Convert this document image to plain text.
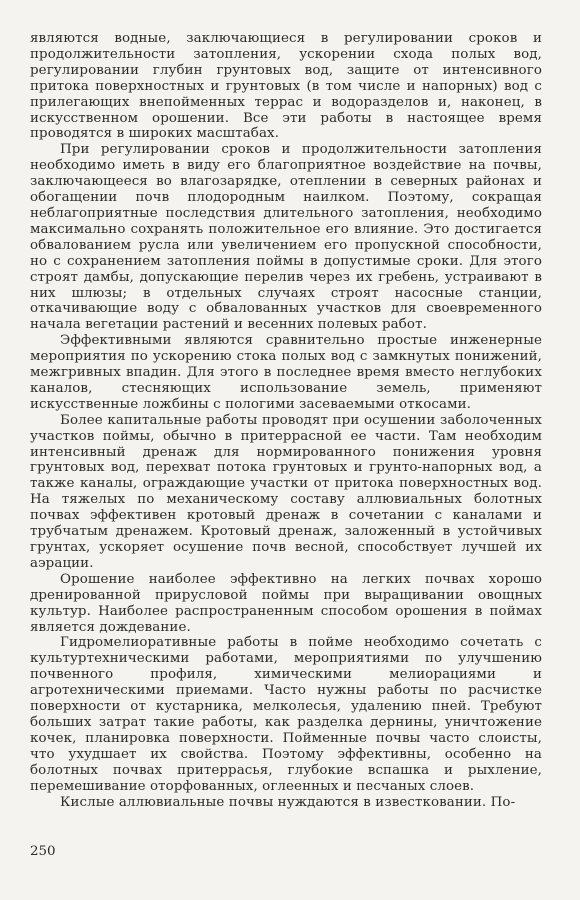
являются водные, заключающиеся в регулировании сроков и продолжительности затопления, ускорении схода полых вод, регулировании глубин грунтовых вод, защите от интенсивного притока поверхностных и грунтовых (в том числе и напорных) вод с прилегающих внепойменных террас и водоразделов и, наконец, в искусственном орошении. Все эти работы в настоящее время проводятся в широких масштабах.

При регулировании сроков и продолжительности затопления необходимо иметь в виду его благоприятное воздействие на почвы, заключающееся во влагозарядке, отеплении в северных районах и обогащении почв плодородным наилком. Поэтому, сокращая неблагоприятные последствия длительного затопления, необходимо максимально сохранять положительное его влияние. Это достигается обвалованием русла или увеличением его пропускной способности, но с сохранением затопления поймы в допустимые сроки. Для этого строят дамбы, допускающие перелив через их гребень, устраивают в них шлюзы; в отдельных случаях строят насосные станции, откачивающие воду с обвалованных участков для своевременного начала вегетации растений и весенних полевых работ.

Эффективными являются сравнительно простые инженерные мероприятия по ускорению стока полых вод с замкнутых понижений, межгривных впадин. Для этого в последнее время вместо неглубоких каналов, стесняющих использование земель, применяют искусственные ложбины с пологими засеваемыми откосами.

Более капитальные работы проводят при осушении заболоченных участков поймы, обычно в притеррасной ее части. Там необходим интенсивный дренаж для нормированного понижения уровня грунтовых вод, перехват потока грунтовых и грунто-напорных вод, а также каналы, ограждающие участки от притока поверхностных вод. На тяжелых по механическому составу аллювиальных болотных почвах эффективен кротовый дренаж в сочетании с каналами и трубчатым дренажем. Кротовый дренаж, заложенный в устойчивых грунтах, ускоряет осушение почв весной, способствует лучшей их аэрации.

Орошение наиболее эффективно на легких почвах хорошо дренированной прирусловой поймы при выращивании овощных культур. Наиболее распространенным способом орошения в поймах является дождевание.

Гидромелиоративные работы в пойме необходимо сочетать с культуртехническими работами, мероприятиями по улучшению почвенного профиля, химическими мелиорациями и агротехническими приемами. Часто нужны работы по расчистке поверхности от кустарника, мелколесья, удалению пней. Требуют больших затрат такие работы, как разделка дернины, уничтожение кочек, планировка поверхности. Пойменные почвы часто слоисты, что ухудшает их свойства. Поэтому эффективны, особенно на болотных почвах притеррасья, глубокие вспашка и рыхление, перемешивание оторфованных, оглеенных и песчаных слоев.

Кислые аллювиальные почвы нуждаются в известковании. По-

250
